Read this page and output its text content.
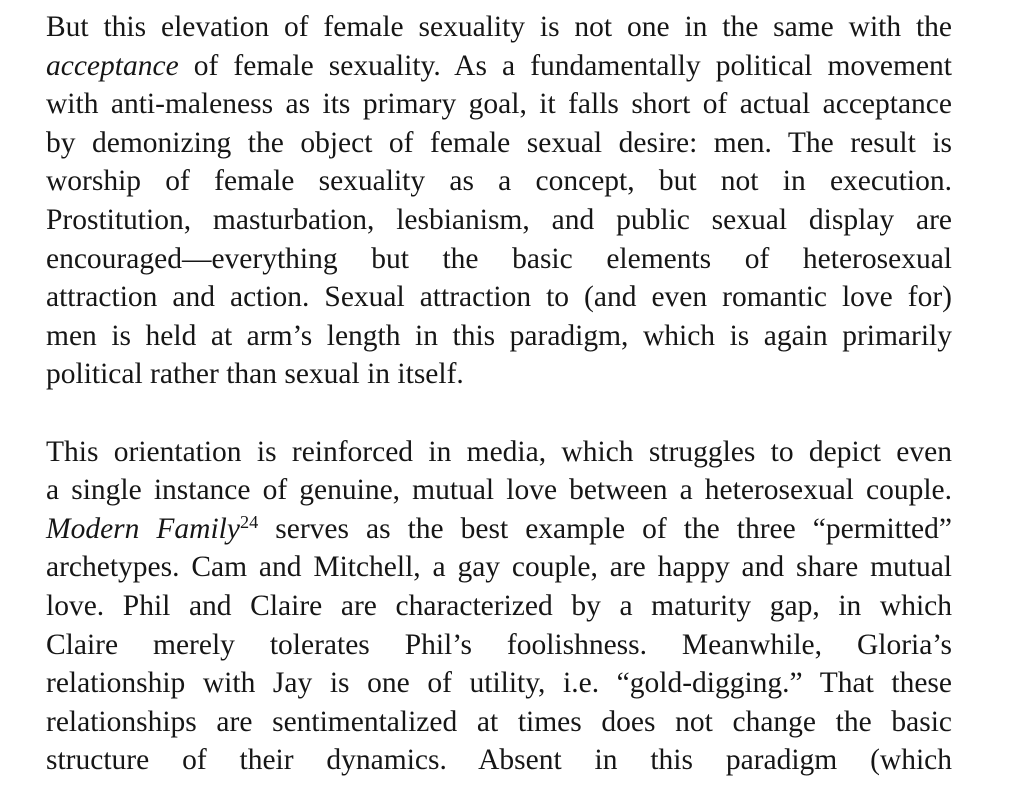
But this elevation of female sexuality is not one in the same with the
acceptance of female sexuality. As a fundamentally political movement
with anti-maleness as its primary goal, it falls short of actual acceptance
by demonizing the object of female sexual desire: men. The result is
worship of female sexuality as a concept, but not in execution.
Prostitution, masturbation, lesbianism, and public sexual display are
encouraged—everything but the basic elements of heterosexual
attraction and action. Sexual attraction to (and even romantic love for)
men is held at arm’s length in this paradigm, which is again primarily
political rather than sexual in itself.
This orientation is reinforced in media, which struggles to depict even
a single instance of genuine, mutual love between a heterosexual couple.
Modern Family$^{24}$ serves as the best example of the three “permitted”
archetypes. Cam and Mitchell, a gay couple, are happy and share mutual
love. Phil and Claire are characterized by a maturity gap, in which
Claire merely tolerates Phil’s foolishness. Meanwhile, Gloria’s
relationship with Jay is one of utility, i.e. “gold-digging.” That these
relationships are sentimentalized at times does not change the basic
structure of their dynamics. Absent in this paradigm (which
